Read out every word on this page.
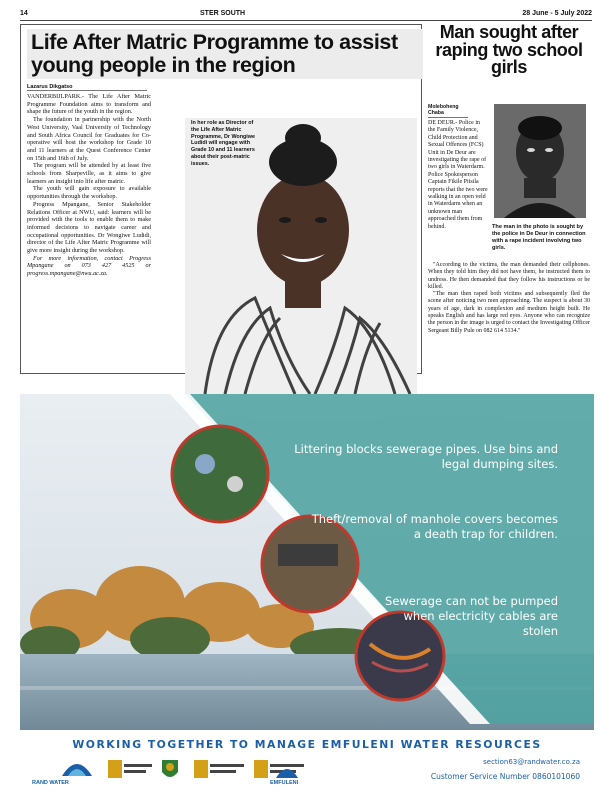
14	STER SOUTH	28 June - 5 July 2022
Life After Matric Programme to assist young people in the region
Lazarus Dikgatso

VANDERBIJLPARK.- The Life After Matric Programme Foundation aims to transform and shape the future of the youth in the region.

The foundation in partnership with the North West University, Vaal University of Technology and South Africa Council for Graduates for Co-operative will host the workshop for Grade 10 and 11 learners at the Quest Conference Center on 15th and 16th of July.

The program will be attended by at least five schools from Sharpeville, as it aims to give learners an insight into life after matric.

The youth will gain exposure to available opportunities through the workshop.

Progress Mpangane, Senior Stakeholder Relations Officer at NWU, said: learners will be provided with the tools to enable them to make informed decisions to navigate career and occupational opportunities. Dr Wongiwe Ludidi, director of the Life After Matric Programme will give more insight during the workshop.

For more information, contact Progress Mpangane on 073 427 4525 or progress.mpangane@nwu.ac.za.

In her role as Director of the Life After Matric Programme, Dr Wongiwe Ludidi will engage with Grade 10 and 11 learners about their post-matric issues.
Man sought after raping two school girls
Moleboheng Chaba

DE DEUR.- Police in the Family Violence, Child Protection and Sexual Offences (FCS) Unit in De Deur are investigating the rape of two girls in Waterdarm.

Police Spokesperson Captain Fikile Pitsila reports that the two were walking in an open veld in Waterdarm when an unknown man approached them from behind.	The man in the photo is sought by the police in De Deur in connection with a rape incident involving two girls.

"According to the victims, the man demanded their cellphones. When they told him they did not have them, he instructed them to undress. He then demanded that they follow his instructions or be killed.

"The man then raped both victims and subsequently fled the scene after noticing two men approaching. The suspect is about 30 years of age, dark in complexion and medium height built. He speaks English and has large red eyes. Anyone who can recognize the person in the image is urged to contact the Investigating Officer Sergeant Billy Pule on 082 614 5134."

Littering blocks sewerage pipes. Use bins and legal dumping sites.
Theft/removal of manhole covers becomes a death trap for children.
Sewerage can not be pumped when electricity cables are stolen
WORKING TOGETHER TO MANAGE EMFULENI WATER RESOURCES
RAND WATER	EMFULENI
section63@randwater.co.za
Customer Service Number 0860101060
